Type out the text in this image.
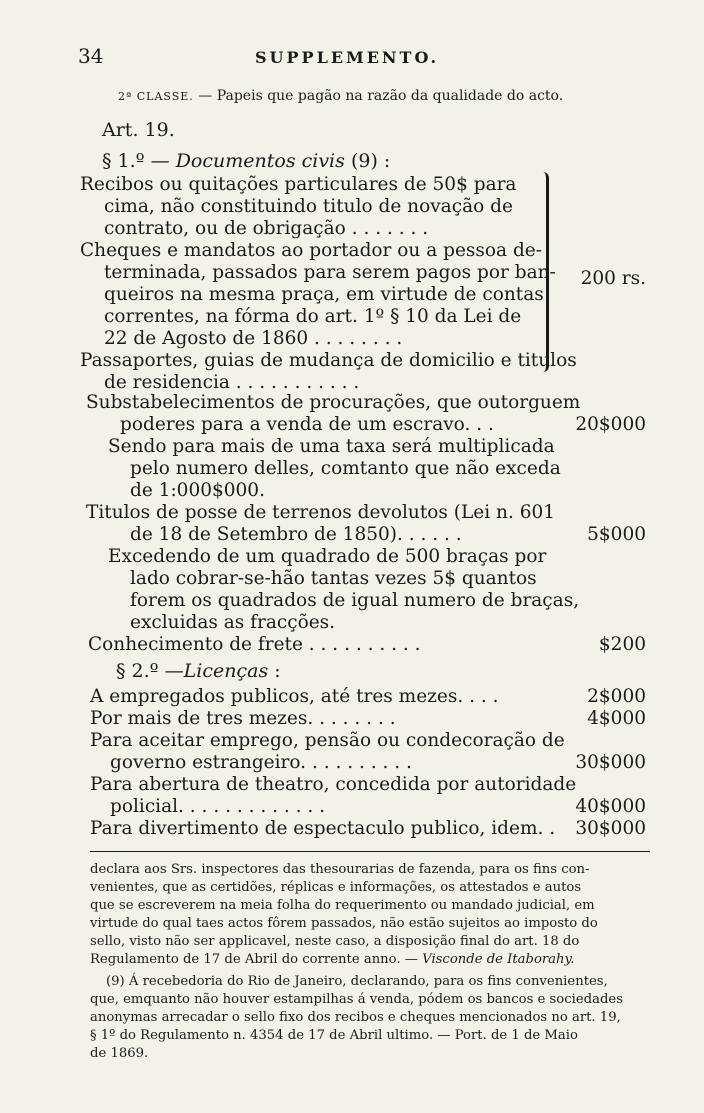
34	SUPPLEMENTO.
2ª CLASSE. — Papeis que pagão na razão da qualidade do acto.
Art. 19.
§ 1.º — Documentos civis (9) :
Recibos ou quitações particulares de 50$ para
cima, não constituindo titulo de novação de
contrato, ou de obrigação . . . . . . .
Cheques e mandatos ao portador ou a pessoa de-
terminada, passados para serem pagos por ban-
queiros na mesma praça, em virtude de contas
correntes, na fórma do art. 1º § 10 da Lei de
22 de Agosto de 1860 . . . . . . . .
Passaportes, guias de mudança de domicilio e titulos
de residencia . . . . . . . . . . .
200 rs.
Substabelecimentos de procurações, que outorguem
poderes para a venda de um escravo. . .	20$000
Sendo para mais de uma taxa será multiplicada
pelo numero delles, comtanto que não exceda
de 1:000$000.
Titulos de posse de terrenos devolutos (Lei n. 601
de 18 de Setembro de 1850). . . . . .	5$000
Excedendo de um quadrado de 500 braças por
lado cobrar-se-hão tantas vezes 5$ quantos
forem os quadrados de igual numero de braças,
excluidas as fracções.
Conhecimento de frete . . . . . . . . . .	$200
§ 2.º —Licenças :
A empregados publicos, até tres mezes. . . .	2$000
Por mais de tres mezes. . . . . . . .	4$000
Para aceitar emprego, pensão ou condecoração de
governo estrangeiro. . . . . . . . . .	30$000
Para abertura de theatro, concedida por autoridade
policial. . . . . . . . . . . . .	40$000
Para divertimento de espectaculo publico, idem. . 30$000
declara aos Srs. inspectores das thesourarias de fazenda, para os fins con-
venientes, que as certidões, réplicas e informações, os attestados e autos
que se escreverem na meia folha do requerimento ou mandado judicial, em
virtude do qual taes actos fôrem passados, não estão sujeitos ao imposto do
sello, visto não ser applicavel, neste caso, a disposição final do art. 18 do
Regulamento de 17 de Abril do corrente anno. — Visconde de Itaborahy.
(9) Á recebedoria do Rio de Janeiro, declarando, para os fins convenientes,
que, emquanto não houver estampilhas á venda, pódem os bancos e sociedades
anonymas arrecadar o sello fixo dos recibos e cheques mencionados no art. 19,
§ 1º do Regulamento n. 4354 de 17 de Abril ultimo. — Port. de 1 de Maio
de 1869.
